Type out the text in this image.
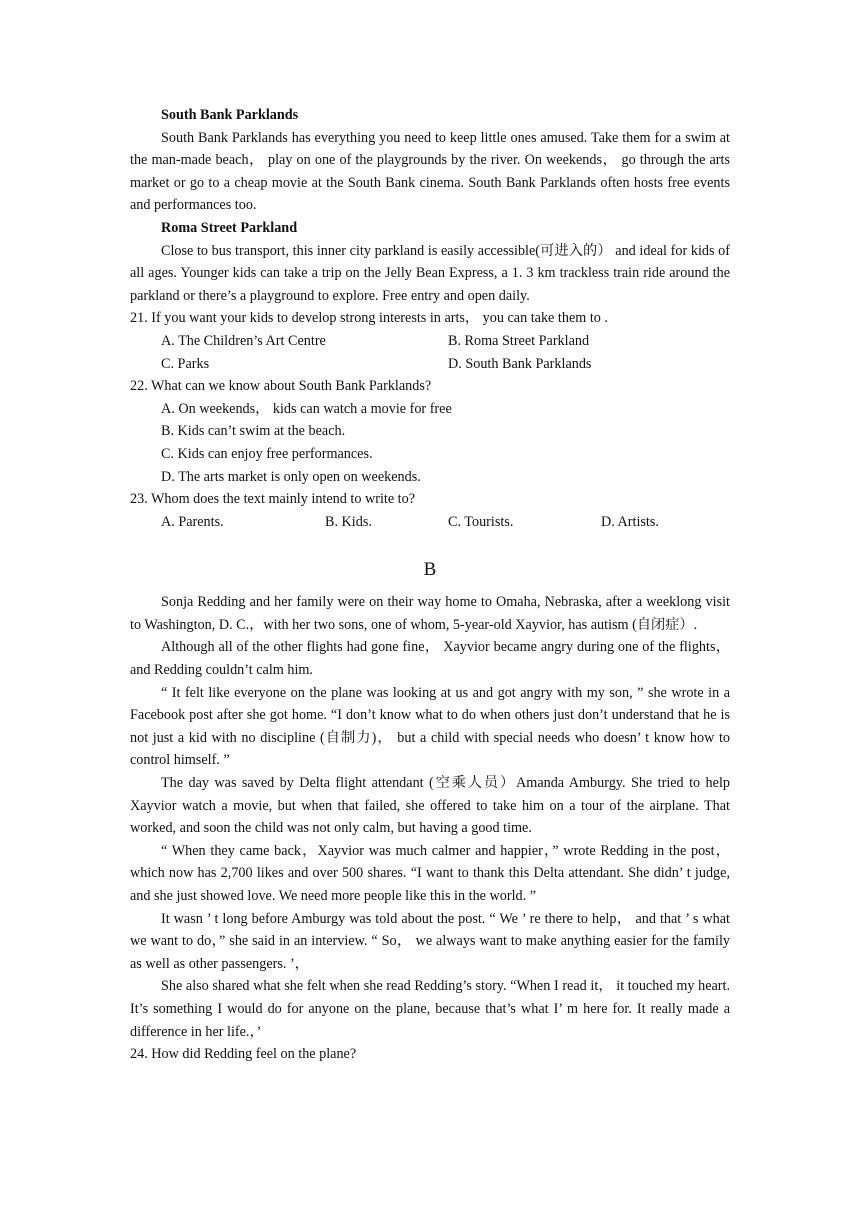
South Bank Parklands
South Bank Parklands has everything you need to keep little ones amused. Take them for a swim at the man-made beach， play on one of the playgrounds by the river. On weekends， go through the arts market or go to a cheap movie at the South Bank cinema. South Bank Parklands often hosts free events and performances too.
Roma Street Parkland
Close to bus transport, this inner city parkland is easily accessible(可进入的） and ideal for kids of all ages. Younger kids can take a trip on the Jelly Bean Express, a 1. 3 km trackless train ride around the parkland or there’s a playground to explore. Free entry and open daily.
21. If you want your kids to develop strong interests in arts， you can take them to .
A. The Children’s Art Centre	B. Roma Street Parkland
C. Parks	D. South Bank Parklands
22. What can we know about South Bank Parklands?
A. On weekends， kids can watch a movie for free
B. Kids can’t swim at the beach.
C. Kids can enjoy free performances.
D. The arts market is only open on weekends.
23. Whom does the text mainly intend to write to?
A. Parents.	B. Kids.	C. Tourists.	D. Artists.
B
Sonja Redding and her family were on their way home to Omaha, Nebraska, after a weeklong visit to Washington, D. C.，with her two sons, one of whom, 5-year-old Xayvior, has autism (自闭症）.
Although all of the other flights had gone fine， Xayvior became angry during one of the flights， and Redding couldn’t calm him.
“ It felt like everyone on the plane was looking at us and got angry with my son, ” she wrote in a Facebook post after she got home. “I don’t know what to do when others just don’t understand that he is not just a kid with no discipline (自制力)， but a child with special needs who doesn’ t know how to control himself. ”
The day was saved by Delta flight attendant (空乘人员）Amanda Amburgy. She tried to help Xayvior watch a movie, but when that failed, she offered to take him on a tour of the airplane. That worked, and soon the child was not only calm, but having a good time.
“ When they came back，Xayvior was much calmer and happier，” wrote Redding in the post，which now has 2,700 likes and over 500 shares. “I want to thank this Delta attendant. She didn’ t judge, and she just showed love. We need more people like this in the world. ”
It wasn ’ t long before Amburgy was told about the post. “ We ’ re there to help， and that ’ s what we want to do，” she said in an interview. “ So， we always want to make anything easier for the family as well as other passengers. ’，
She also shared what she felt when she read Redding’s story. “When I read it， it touched my heart. It’s something I would do for anyone on the plane, because that’s what I’ m here for. It really made a difference in her life.，’
24. How did Redding feel on the plane?
